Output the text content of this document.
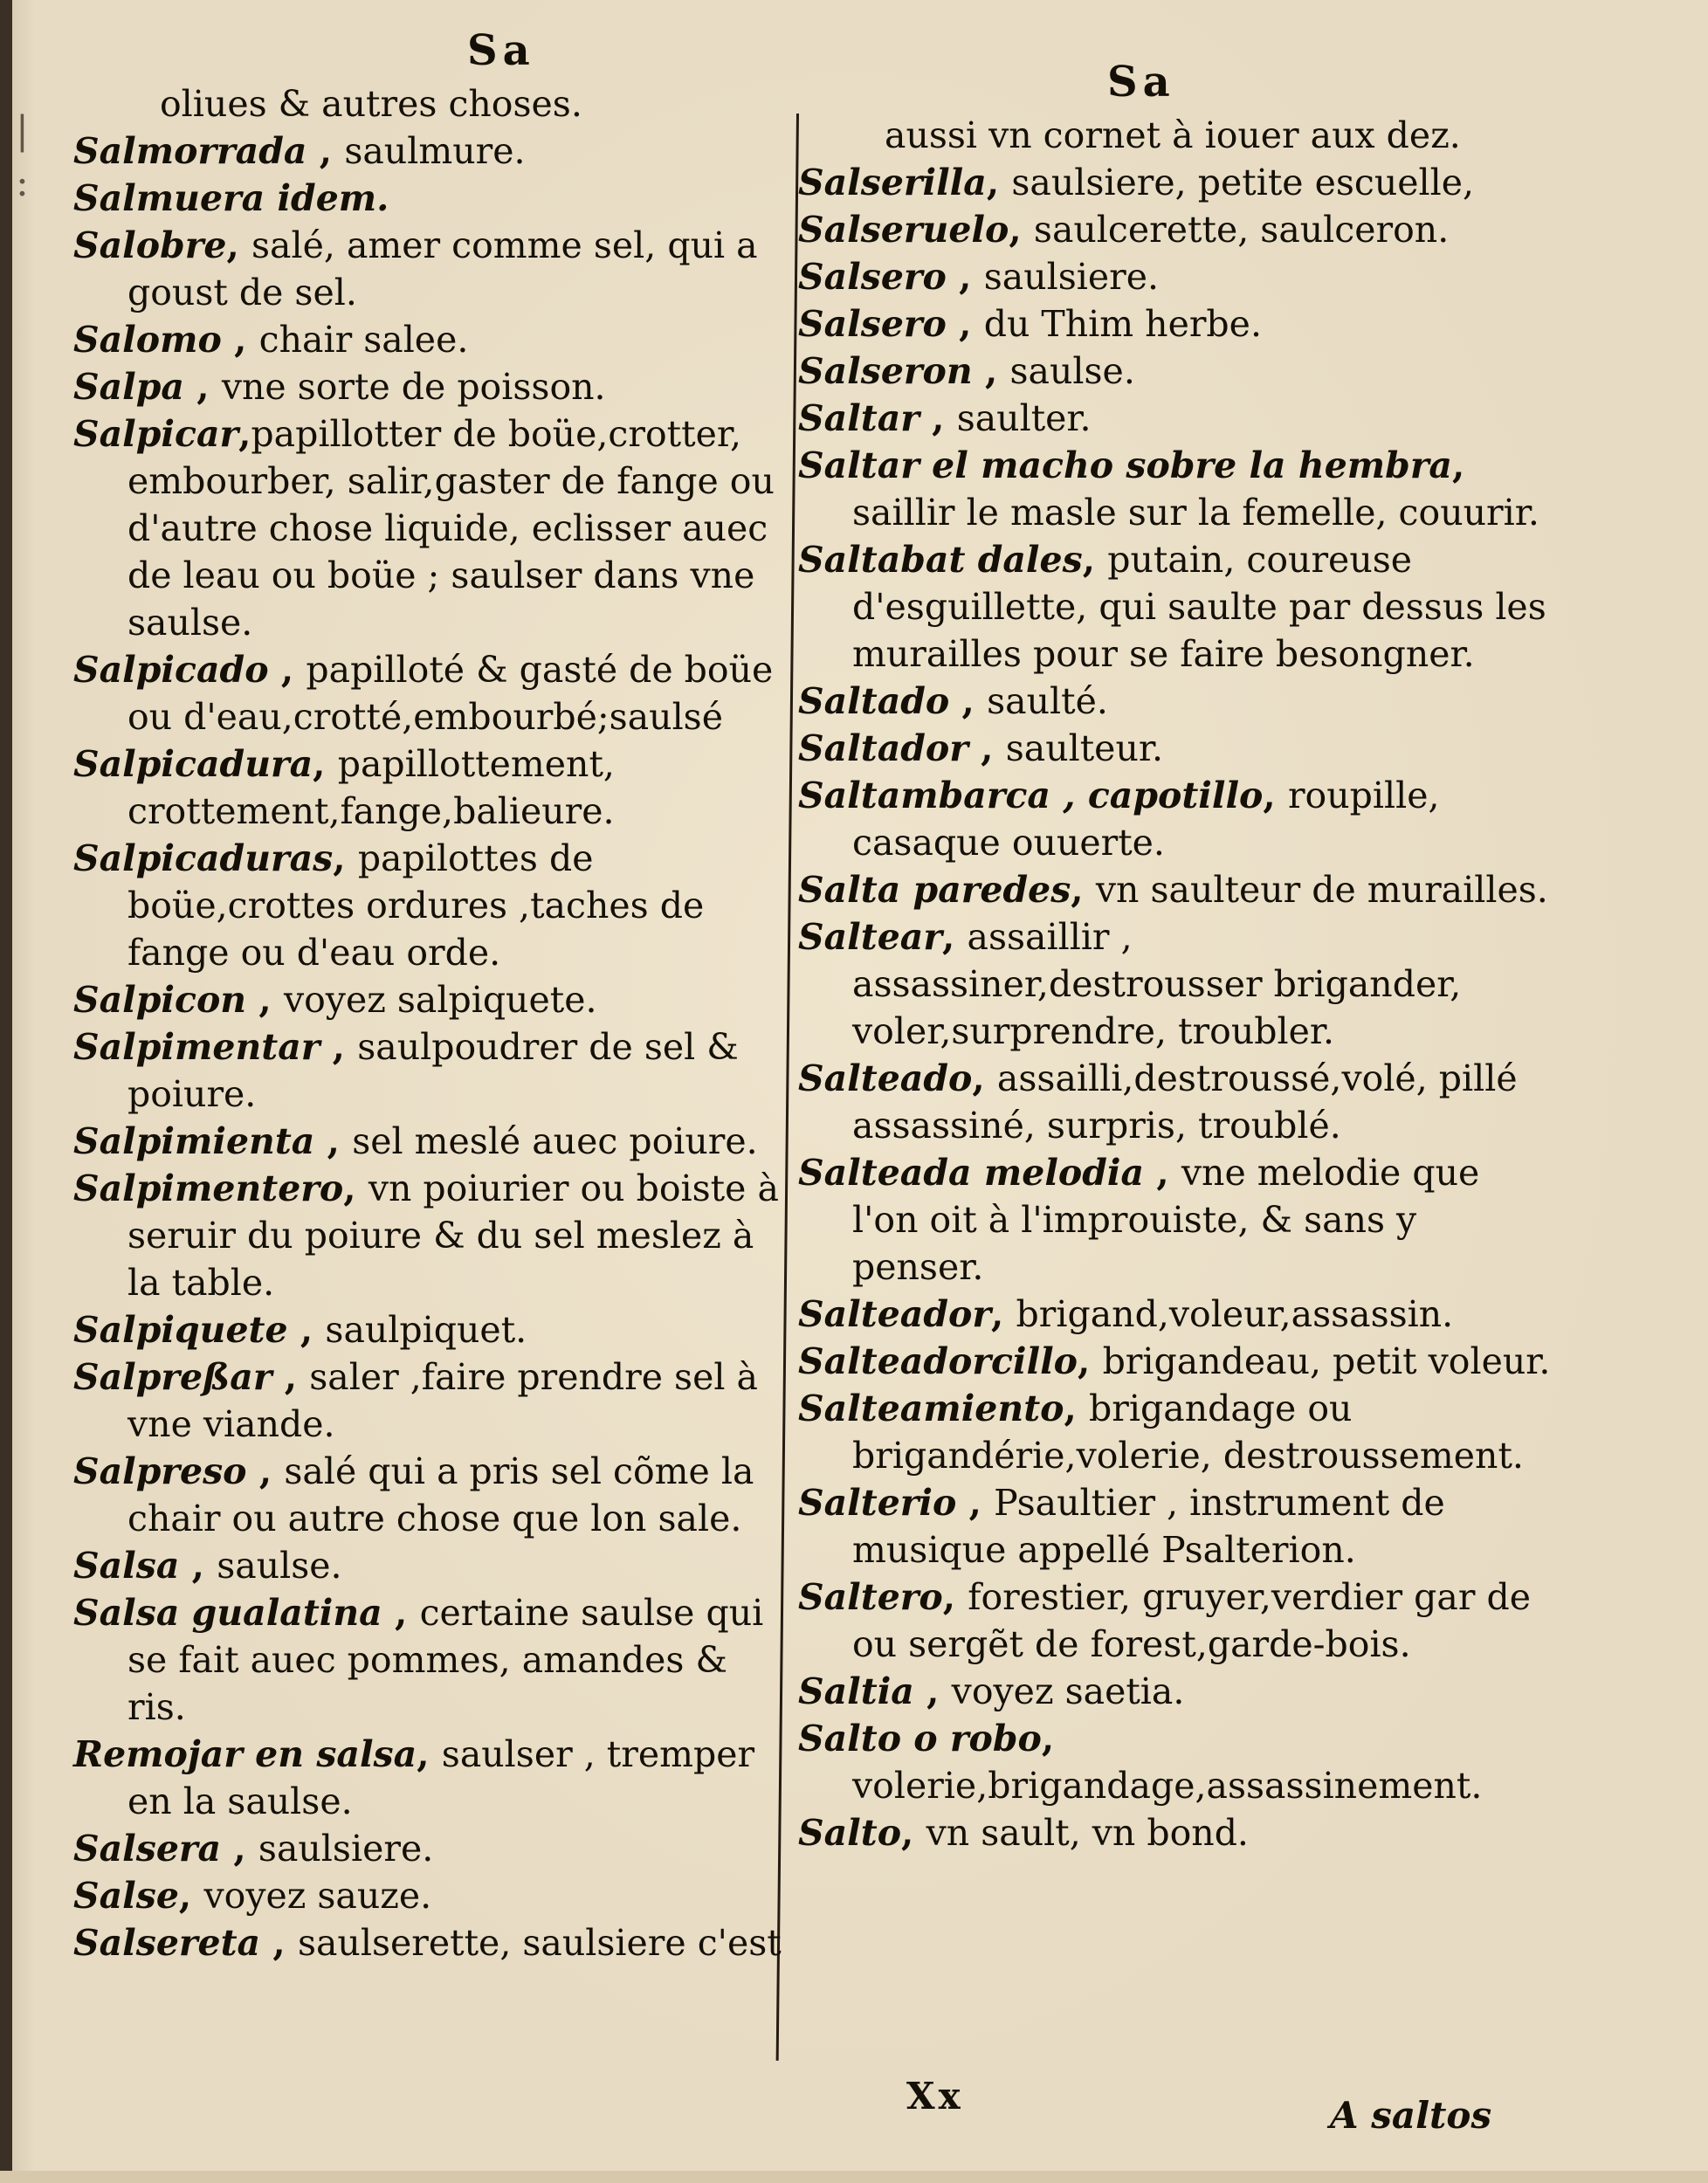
|
:
Sa
Sa
oliues & autres choses.
Salmorrada , saulmure.
Salmuera idem.
Salobre, salé, amer comme sel, qui a goust de sel.
Salomo , chair salee.
Salpa , vne sorte de poisson.
Salpicar,papillotter de boüe,crotter, embourber, salir,gaster de fange ou d'autre chose liquide, eclisser auec de leau ou boüe ; saulser dans vne saulse.
Salpicado , papilloté & gasté de boüe ou d'eau,crotté,embourbé;saulsé
Salpicadura, papillottement, crottement,fange,balieure.
Salpicaduras, papilottes de boüe,crottes ordures ,taches de fange ou d'eau orde.
Salpicon , voyez salpiquete.
Salpimentar , saulpoudrer de sel & poiure.
Salpimienta , sel meslé auec poiure.
Salpimentero, vn poiurier ou boiste à seruir du poiure & du sel meslez à la table.
Salpiquete , saulpiquet.
Salpreßar , saler ,faire prendre sel à vne viande.
Salpreso , salé qui a pris sel cõme la chair ou autre chose que lon sale.
Salsa , saulse.
Salsa gualatina , certaine saulse qui se fait auec pommes, amandes & ris.
Remojar en salsa, saulser , tremper en la saulse.
Salsera , saulsiere.
Salse, voyez sauze.
Salsereta , saulserette, saulsiere c'est
aussi vn cornet à iouer aux dez.
Salserilla, saulsiere, petite escuelle,
Salseruelo, saulcerette, saulceron.
Salsero , saulsiere.
Salsero , du Thim herbe.
Salseron , saulse.
Saltar , saulter.
Saltar el macho sobre la hembra, saillir le masle sur la femelle, couurir.
Saltabat dales, putain, coureuse d'esguillette, qui saulte par dessus les murailles pour se faire besongner.
Saltado , saulté.
Saltador , saulteur.
Saltambarca , capotillo, roupille, casaque ouuerte.
Salta paredes, vn saulteur de murailles.
Saltear, assaillir , assassiner,destrousser brigander, voler,surprendre, troubler.
Salteado, assailli,destroussé,volé, pillé assassiné, surpris, troublé.
Salteada melodia , vne melodie que l'on oit à l'improuiste, & sans y penser.
Salteador, brigand,voleur,assassin.
Salteadorcillo, brigandeau, petit voleur.
Salteamiento, brigandage ou brigandérie,volerie, destroussement.
Salterio , Psaultier , instrument de musique appellé Psalterion.
Saltero, forestier, gruyer,verdier gar de ou sergẽt de forest,garde-bois.
Saltia , voyez saetia.
Salto o robo, volerie,brigandage,assassinement.
Salto, vn sault, vn bond.
Xx	A saltos
